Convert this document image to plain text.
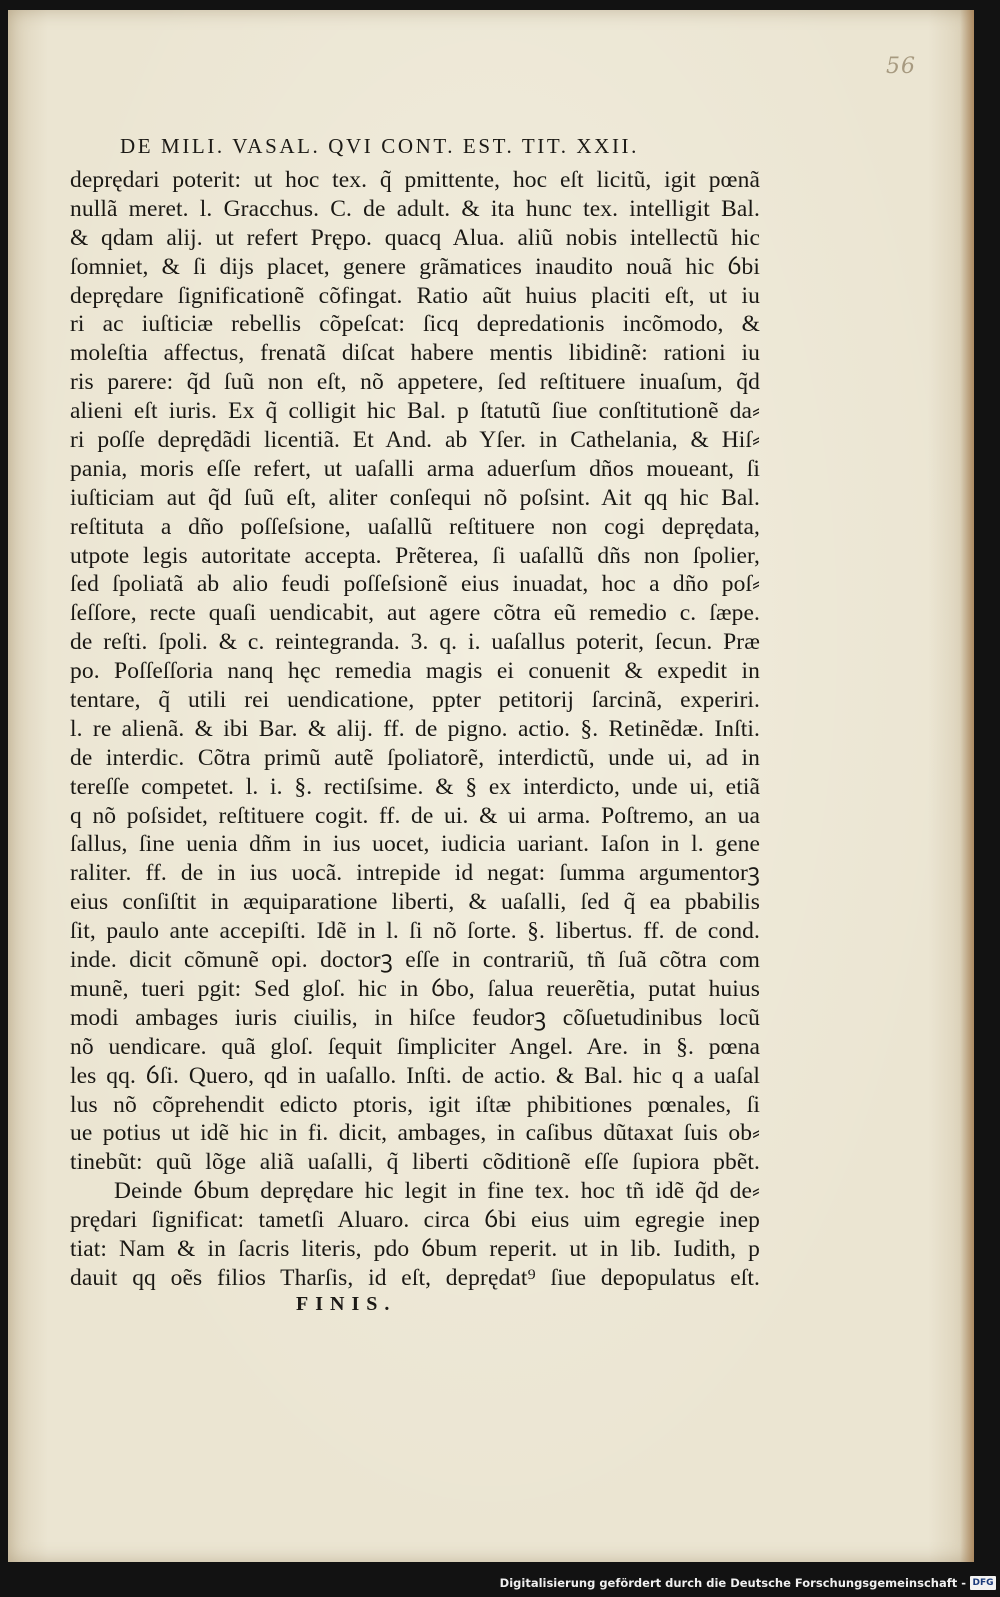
56
DE MILI. VASAL. QVI CONT. EST. TIT. XXII.
deprędari poterit: ut hoc tex. q̃ pmittente, hoc eſt licitũ, igit pœnã
nullã meret. l. Gracchus. C. de adult. & ita hunc tex. intelligit Bal.
& qdam alij. ut refert Prępo. quacq Alua. aliũ nobis intellectũ hic
ſomniet, & ſi dijs placet, genere grãmatices inaudito nouã hic ỽbi
deprędare ſignificationẽ cõfingat. Ratio aũt huius placiti eſt, ut iu
ri ac iuſticiæ rebellis cõpeſcat: ſicq depredationis incõmodo, &
moleſtia affectus, frenatã diſcat habere mentis libidinẽ: rationi iu
ris parere: q̃d ſuũ non eſt, nõ appetere, ſed reſtituere inuaſum, q̃d
alieni eſt iuris. Ex q̃ colligit hic Bal. p ſtatutũ ſiue conſtitutionẽ da⸗
ri poſſe deprędãdi licentiã. Et And. ab Yſer. in Cathelania, & Hiſ⸗
pania, moris eſſe refert, ut uaſalli arma aduerſum dños moueant, ſi
iuſticiam aut q̃d ſuũ eſt, aliter conſequi nõ poſsint. Ait qq hic Bal.
reſtituta a dño poſſeſsione, uaſallũ reſtituere non cogi deprędata,
utpote legis autoritate accepta. Prẽterea, ſi uaſallũ dñs non ſpolier,
ſed ſpoliatã ab alio feudi poſſeſsionẽ eius inuadat, hoc a dño poſ⸗
ſeſſore, recte quaſi uendicabit, aut agere cõtra eũ remedio c. ſæpe.
de reſti. ſpoli. & c. reintegranda. 3. q. i. uaſallus poterit, ſecun. Præ
po. Poſſeſſoria nanq hęc remedia magis ei conuenit & expedit in
tentare, q̃ utili rei uendicatione, ppter petitorij ſarcinã, experiri.
l. re alienã. & ibi Bar. & alij. ff. de pigno. actio. §. Retinẽdæ. Inſti.
de interdic. Cõtra primũ autẽ ſpoliatorẽ, interdictũ, unde ui, ad in
tereſſe competet. l. i. §. rectiſsime. & § ex interdicto, unde ui, etiã
q nõ poſsidet, reſtituere cogit. ff. de ui. & ui arma. Poſtremo, an ua
ſallus, ſine uenia dñm in ius uocet, iudicia uariant. Iaſon in l. gene
raliter. ff. de in ius uocã. intrepide id negat: ſumma argumentorꝫ
eius conſiſtit in æquiparatione liberti, & uaſalli, ſed q̃ ea pbabilis
ſit, paulo ante accepiſti. Idẽ in l. ſi nõ ſorte. §. libertus. ff. de cond.
inde. dicit cõmunẽ opi. doctorꝫ eſſe in contrariũ, tñ ſuã cõtra com
munẽ, tueri pgit: Sed gloſ. hic in ỽbo, ſalua reuerẽtia, putat huius
modi ambages iuris ciuilis, in hiſce feudorꝫ cõſuetudinibus locũ
nõ uendicare. quã gloſ. ſequit ſimpliciter Angel. Are. in §. pœna
les qq. ỽſi. Quero, qd in uaſallo. Inſti. de actio. & Bal. hic q a uaſal
lus nõ cõprehendit edicto ptoris, igit iſtæ phibitiones pœnales, ſi
ue potius ut idẽ hic in fi. dicit, ambages, in caſibus dũtaxat ſuis ob⸗
tinebũt: quũ lõge aliã uaſalli, q̃ liberti cõditionẽ eſſe ſupiora pbẽt.
Deinde ỽbum deprędare hic legit in fine tex. hoc tñ idẽ q̃d de⸗
prędari ſignificat: tametſi Aluaro. circa ỽbi eius uim egregie inep
tiat: Nam & in ſacris literis, pdo ỽbum reperit. ut in lib. Iudith, p
dauit qq oẽs filios Tharſis, id eſt, deprędat⁹ ſiue depopulatus eſt.
FINIS.
Digitalisierung gefördert durch die Deutsche Forschungsgemeinschaft - DFG
